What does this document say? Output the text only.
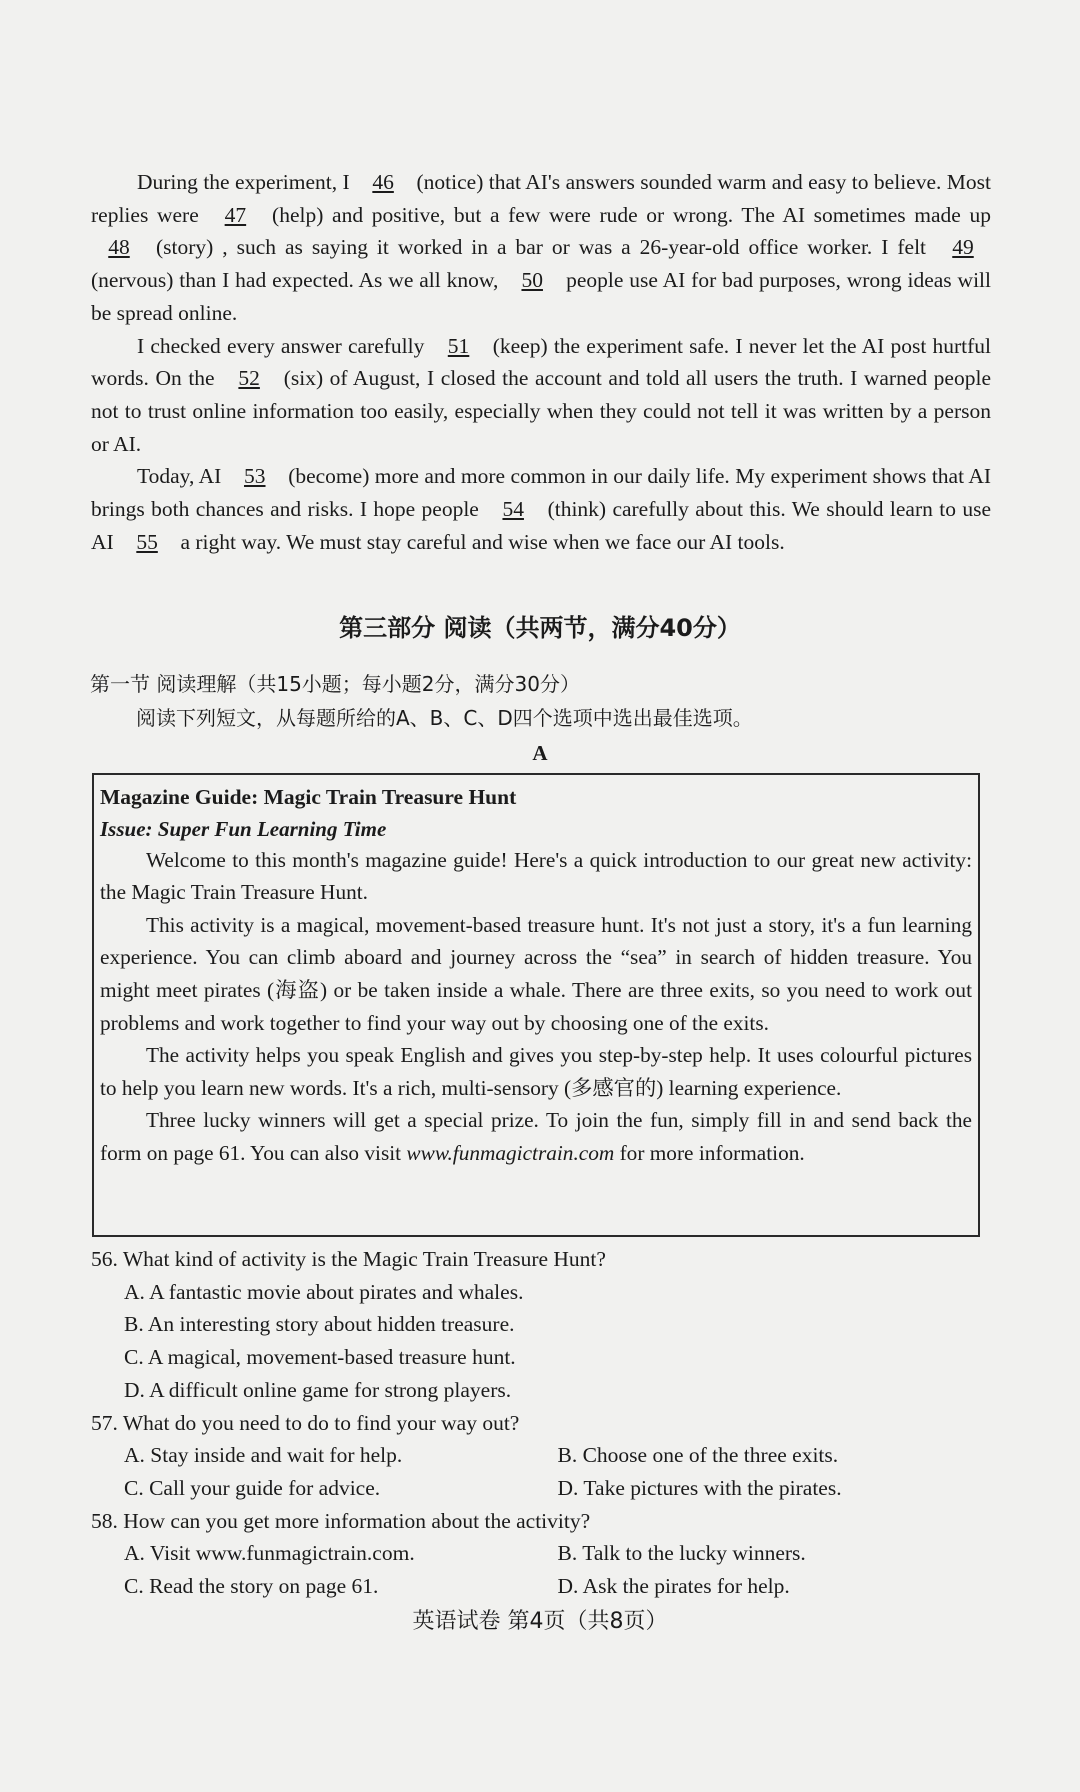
During the experiment, I 46 (notice) that AI's answers sounded warm and easy to believe. Most replies were 47 (help) and positive, but a few were rude or wrong. The AI sometimes made up 48 (story) , such as saying it worked in a bar or was a 26-year-old office worker. I felt 49 (nervous) than I had expected. As we all know, 50 people use AI for bad purposes, wrong ideas will be spread online.

I checked every answer carefully 51 (keep) the experiment safe. I never let the AI post hurtful words. On the 52 (six) of August, I closed the account and told all users the truth. I warned people not to trust online information too easily, especially when they could not tell it was written by a person or AI.

Today, AI 53 (become) more and more common in our daily life. My experiment shows that AI brings both chances and risks. I hope people 54 (think) carefully about this. We should learn to use AI 55 a right way. We must stay careful and wise when we face our AI tools.

第三部分 阅读（共两节，满分40分）
第一节 阅读理解（共15小题；每小题2分，满分30分）
阅读下列短文，从每题所给的A、B、C、D四个选项中选出最佳选项。
A
Magazine Guide: Magic Train Treasure Hunt
Issue: Super Fun Learning Time

Welcome to this month's magazine guide! Here's a quick introduction to our great new activity: the Magic Train Treasure Hunt.

This activity is a magical, movement-based treasure hunt. It's not just a story, it's a fun learning experience. You can climb aboard and journey across the “sea” in search of hidden treasure. You might meet pirates (海盗) or be taken inside a whale. There are three exits, so you need to work out problems and work together to find your way out by choosing one of the exits.

The activity helps you speak English and gives you step-by-step help. It uses colourful pictures to help you learn new words. It's a rich, multi-sensory (多感官的) learning experience.

Three lucky winners will get a special prize. To join the fun, simply fill in and send back the form on page 61. You can also visit www.funmagictrain.com for more information.

56. What kind of activity is the Magic Train Treasure Hunt?
A. A fantastic movie about pirates and whales.
B. An interesting story about hidden treasure.
C. A magical, movement-based treasure hunt.
D. A difficult online game for strong players.
57. What do you need to do to find your way out?
A. Stay inside and wait for help.	B. Choose one of the three exits.
C. Call your guide for advice.	D. Take pictures with the pirates.
58. How can you get more information about the activity?
A. Visit www.funmagictrain.com.	B. Talk to the lucky winners.
C. Read the story on page 61.	D. Ask the pirates for help.
英语试卷 第4页（共8页）
